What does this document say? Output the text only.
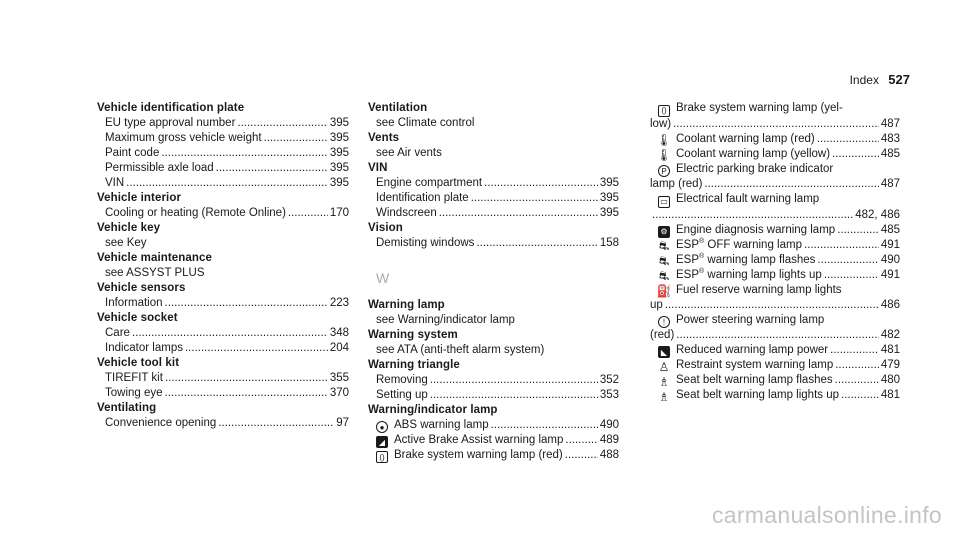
Index 527
Vehicle identification plate
EU type approval number .....	395
Maximum gross vehicle weight .....	395
Paint code .....	395
Permissible axle load .....	395
VIN .....	395
Vehicle interior
Cooling or heating (Remote Online) .....	170
Vehicle key
see Key
Vehicle maintenance
see ASSYST PLUS
Vehicle sensors
Information .....	223
Vehicle socket
Care .....	348
Indicator lamps .....	204
Vehicle tool kit
TIREFIT kit .....	355
Towing eye .....	370
Ventilating
Convenience opening .....	97
Ventilation
see Climate control
Vents
see Air vents
VIN
Engine compartment .....	395
Identification plate .....	395
Windscreen .....	395
Vision
Demisting windows .....	158
W
Warning lamp
see Warning/indicator lamp
Warning system
see ATA (anti-theft alarm system)
Warning triangle
Removing .....	352
Setting up .....	353
Warning/indicator lamp
● ABS warning lamp .....	490
◢ Active Brake Assist warning lamp .....	489
() Brake system warning lamp (red) .....	488
() Brake system warning lamp (yel-
low) .....	487
🌡 Coolant warning lamp (red) .....	483
🌡 Coolant warning lamp (yellow) .....	485
P Electric parking brake indicator
lamp (red) .....	487
▭ Electrical fault warning lamp
.....
482, 486
⚙ Engine diagnosis warning lamp .....	485
⛐ ESP® OFF warning lamp .....	491
⛐ ESP® warning lamp flashes .....	490
⛐ ESP® warning lamp lights up .....	491
⛽ Fuel reserve warning lamp lights
up .....	486
! Power steering warning lamp
(red) .....	482
◣ Reduced warning lamp power .....	481
♙ Restraint system warning lamp .....	479
♗ Seat belt warning lamp flashes .....	480
♗ Seat belt warning lamp lights up .....	481
carmanualsonline.info
